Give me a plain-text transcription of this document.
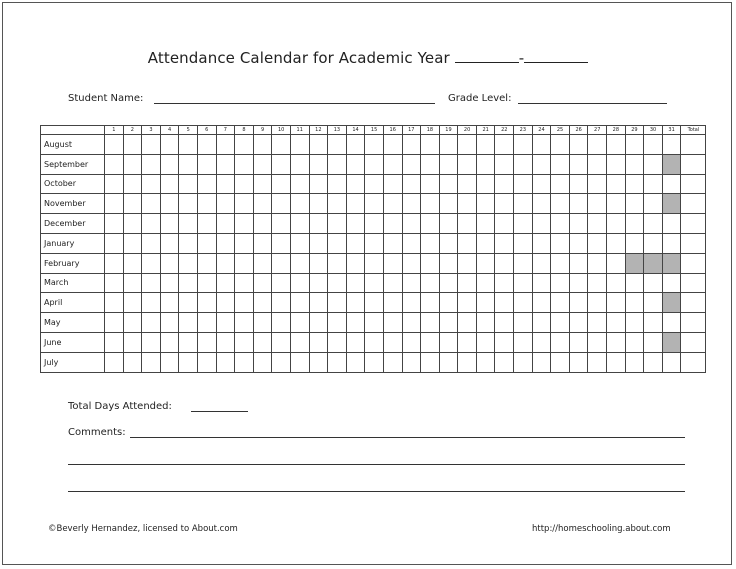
Attendance Calendar for Academic Year	-
Student Name:	Grade Level:
	1	2	3	4	5	6	7	8	9	10	11	12	13	14	15	16	17	18	19	20	21	22	23	24	25	26	27	28	29	30	31	Total
August																																
September																																
October																																
November																																
December																																
January																																
February																																
March																																
April																																
May																																
June																																
July																																
Total Days Attended:
Comments:
©Beverly Hernandez, licensed to About.com	http://homeschooling.about.com
